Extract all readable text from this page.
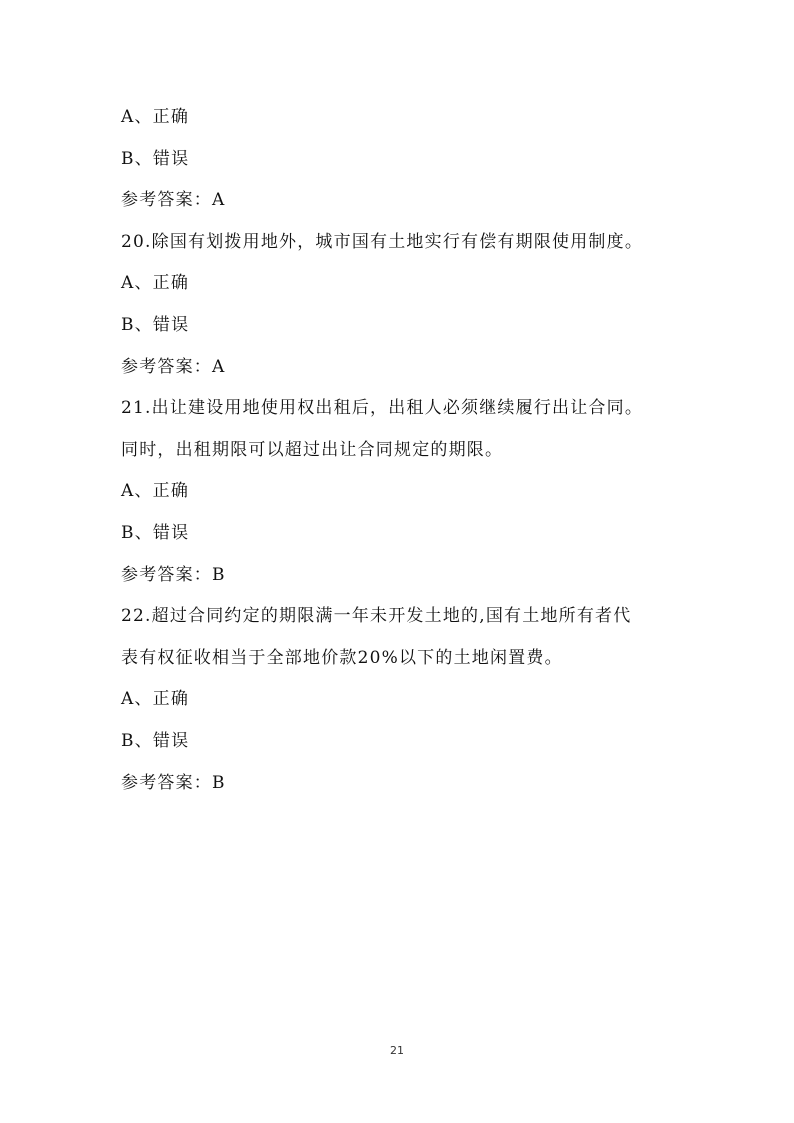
A、正确
B、错误
参考答案：A
20.除国有划拨用地外，城市国有土地实行有偿有期限使用制度。
A、正确
B、错误
参考答案：A
21.出让建设用地使用权出租后，出租人必须继续履行出让合同。
同时，出租期限可以超过出让合同规定的期限。
A、正确
B、错误
参考答案：B
22.超过合同约定的期限满一年未开发土地的,国有土地所有者代
表有权征收相当于全部地价款20%以下的土地闲置费。
A、正确
B、错误
参考答案：B
21
